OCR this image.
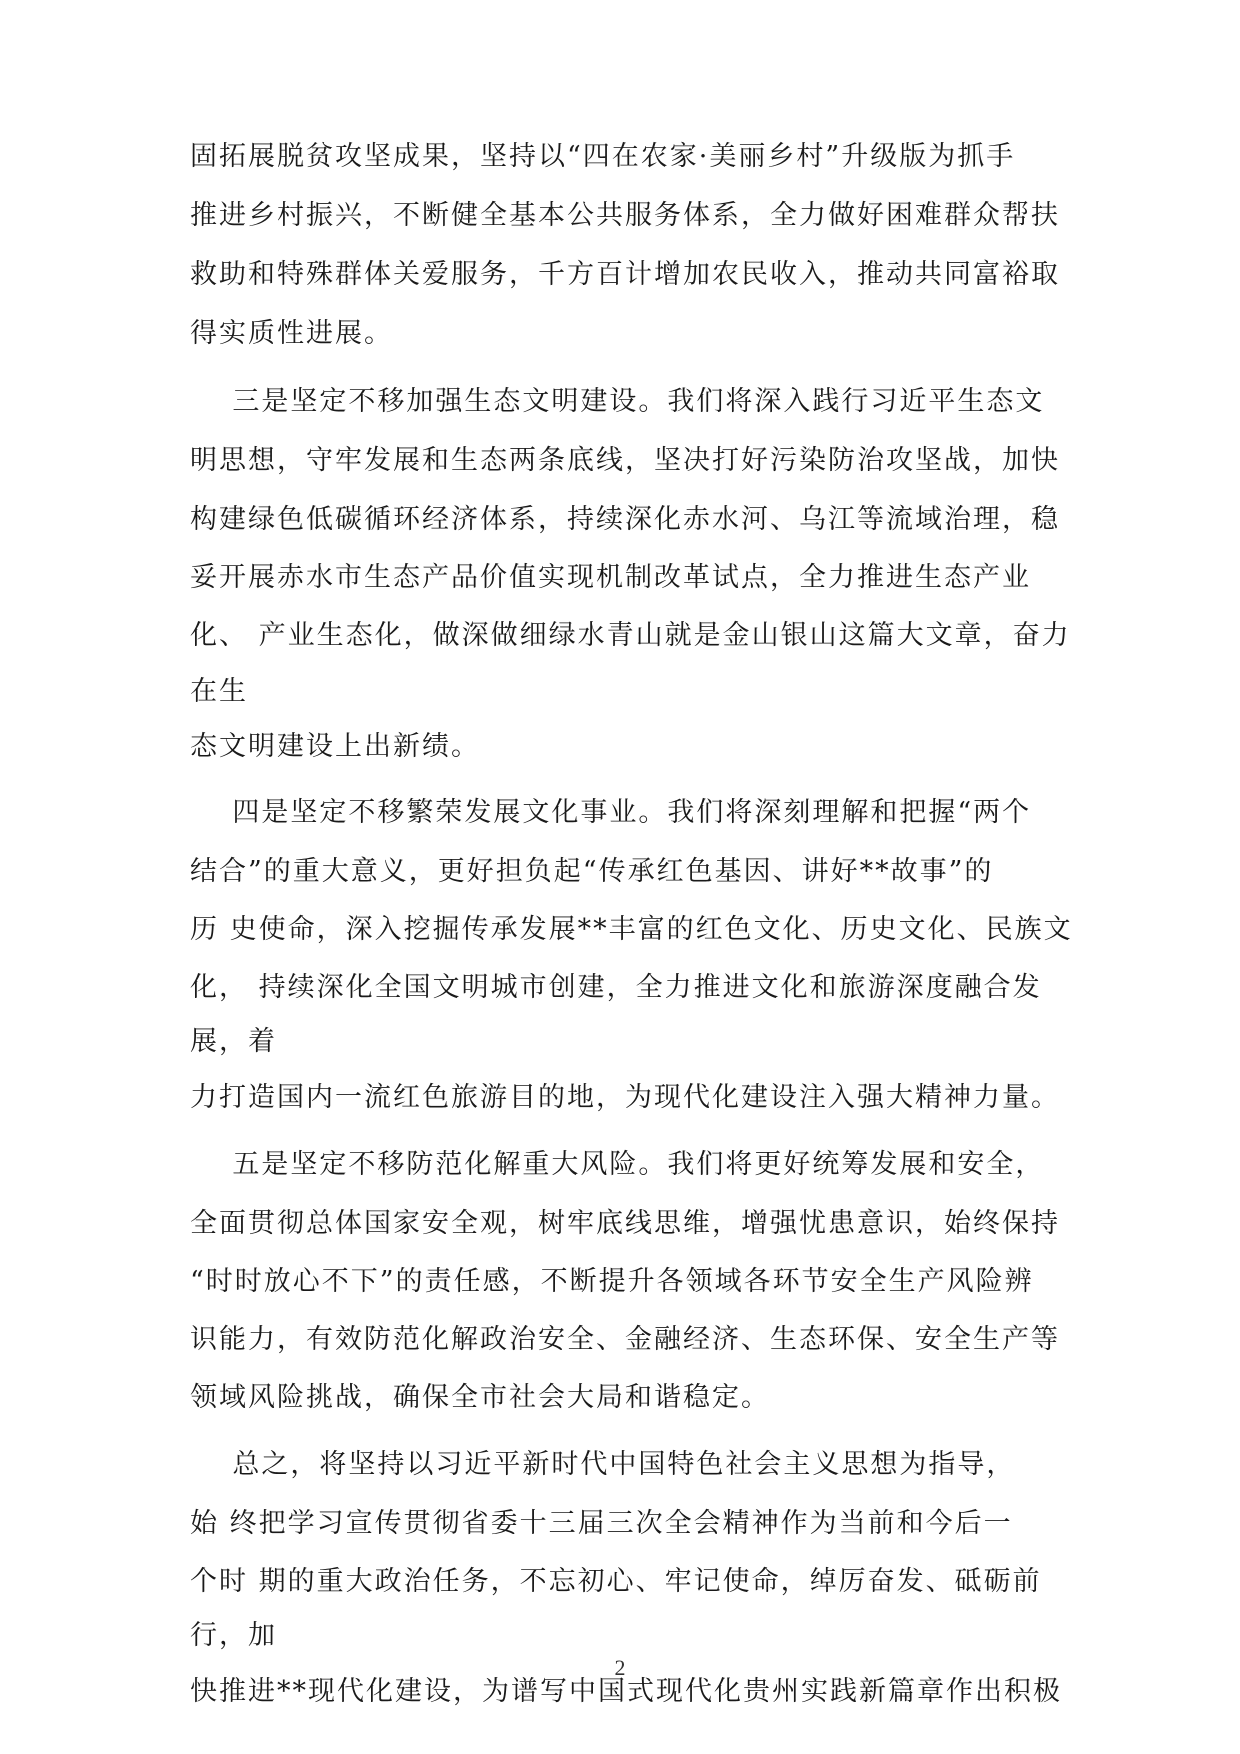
固拓展脱贫攻坚成果，坚持以“四在农家·美丽乡村”升级版为抓手

推进乡村振兴，不断健全基本公共服务体系，全力做好困难群众帮扶

救助和特殊群体关爱服务，千方百计增加农民收入，推动共同富裕取

得实质性进展。

三是坚定不移加强生态文明建设。我们将深入践行习近平生态文

明思想，守牢发展和生态两条底线，坚决打好污染防治攻坚战，加快

构建绿色低碳循环经济体系，持续深化赤水河、乌江等流域治理，稳

妥开展赤水市生态产品价值实现机制改革试点，全力推进生态产业

化、 产业生态化，做深做细绿水青山就是金山银山这篇大文章，奋力

在生

态文明建设上出新绩。

四是坚定不移繁荣发展文化事业。我们将深刻理解和把握“两个

结合”的重大意义，更好担负起“传承红色基因、讲好**故事”的

历 史使命，深入挖掘传承发展**丰富的红色文化、历史文化、民族文

化， 持续深化全国文明城市创建，全力推进文化和旅游深度融合发

展，着

力打造国内一流红色旅游目的地，为现代化建设注入强大精神力量。

五是坚定不移防范化解重大风险。我们将更好统筹发展和安全，

全面贯彻总体国家安全观，树牢底线思维，增强忧患意识，始终保持

“时时放心不下”的责任感，不断提升各领域各环节安全生产风险辨

识能力，有效防范化解政治安全、金融经济、生态环保、安全生产等

领域风险挑战，确保全市社会大局和谐稳定。

总之，将坚持以习近平新时代中国特色社会主义思想为指导，

始 终把学习宣传贯彻省委十三届三次全会精神作为当前和今后一

个时 期的重大政治任务，不忘初心、牢记使命，绰厉奋发、砥砺前

行，加

快推进**现代化建设，为谱写中国式现代化贵州实践新篇章作出积极

2
